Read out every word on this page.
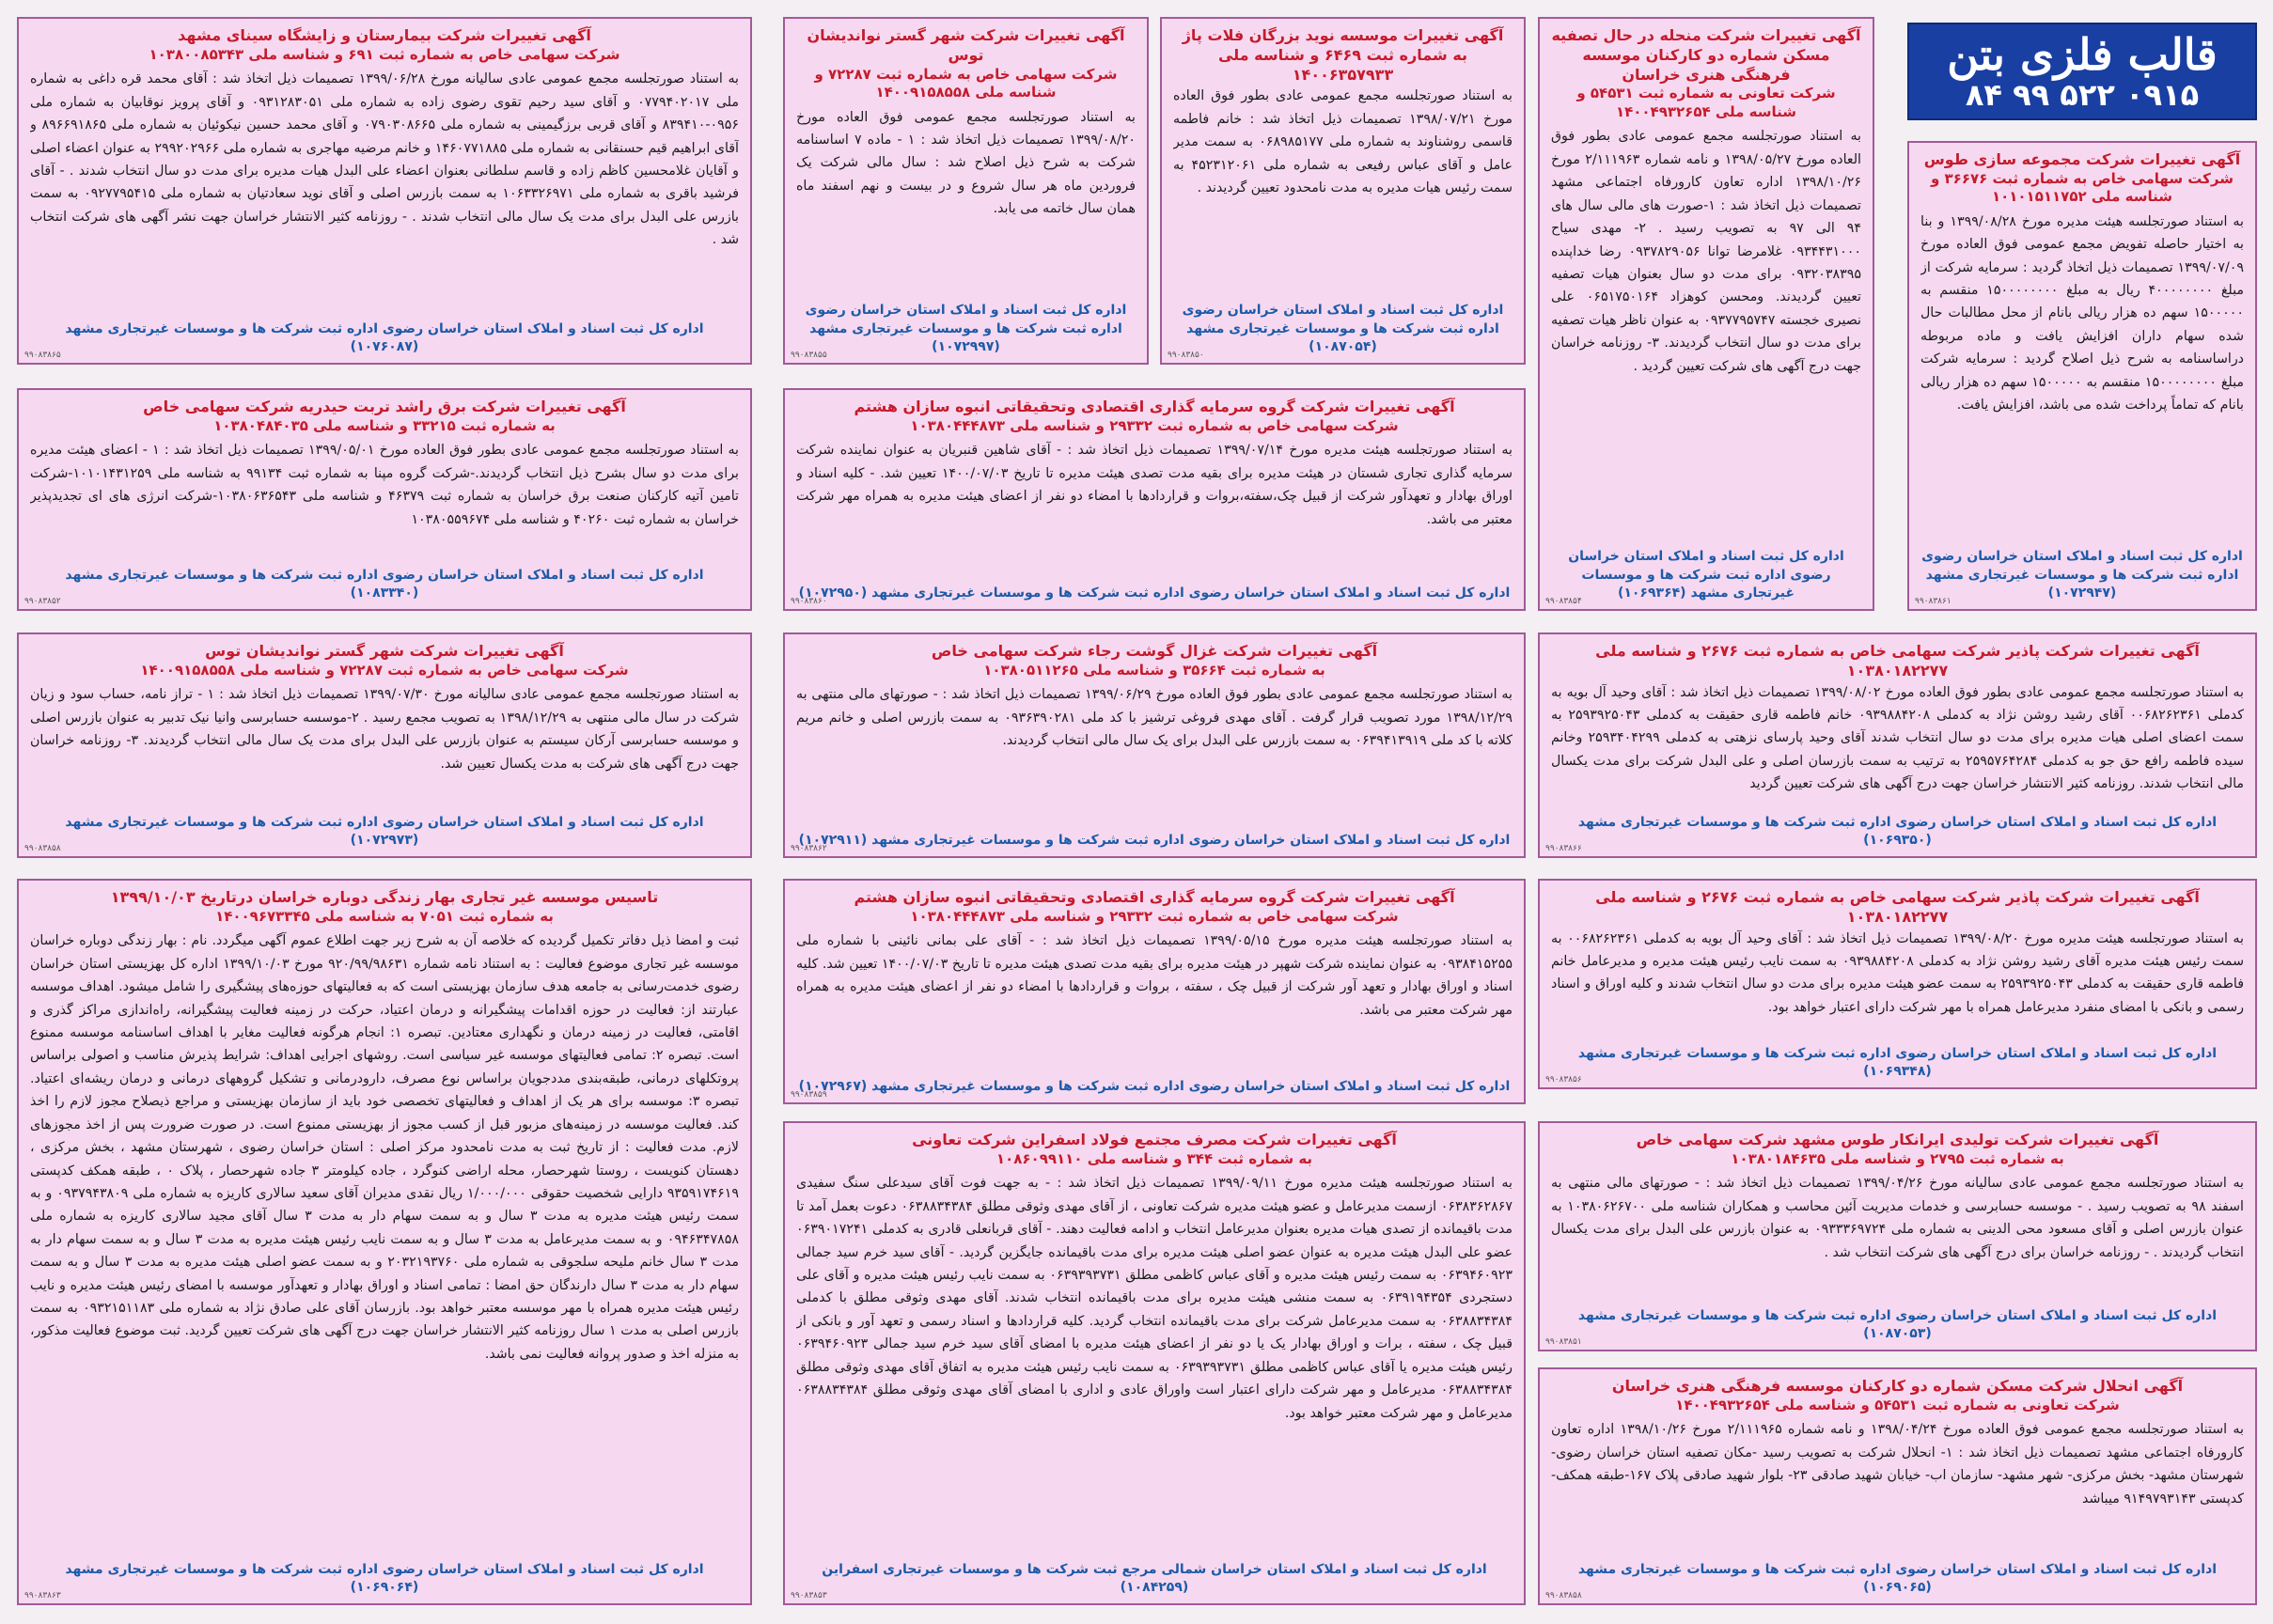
قالب فلزی بتن
۰۹۱۵ ۵۲۲ ۹۹ ۸۴
آگهی تغییرات شرکت بیمارستان و زایشگاه سینای مشهد
شرکت سهامی خاص به شماره ثبت ۶۹۱ و شناسه ملی ۱۰۳۸۰۰۸۵۳۴۳
به استناد صورتجلسه مجمع عمومی عادی سالیانه مورخ ۱۳۹۹/۰۶/۲۸ تصمیمات ذیل اتخاذ شد : آقای محمد قره داغی به شماره ملی ۰۷۷۹۴۰۲۰۱۷ و آقای سید رحیم تقوی رضوی زاده به شماره ملی ۰۹۳۱۲۸۳۰۵۱ و آقای پرویز نوقابیان به شماره ملی ۰۹۵۶-۸۳۹۴۱۰ و آقای قربی برزگیمینی به شماره ملی ۰۷۹۰۳۰۸۶۶۵ و آقای محمد حسین نیکوئیان به شماره ملی ۸۹۶۶۹۱۸۶۵ و آقای ابراهیم قیم حسنقانی به شماره ملی ۱۴۶۰۷۷۱۸۸۵ و خانم مرضیه مهاجری به شماره ملی ۲۹۹۲۰۲۹۶۶ به عنوان اعضاء اصلی و آقایان غلامحسین کاظم زاده و قاسم سلطانی بعنوان اعضاء علی البدل هیات مدیره برای مدت دو سال انتخاب شدند . - آقای فرشید باقری به شماره ملی ۱۰۶۳۳۲۶۹۷۱ به سمت بازرس اصلی و آقای نوید سعادتیان به شماره ملی ۰۹۲۷۷۹۵۴۱۵ به سمت بازرس علی البدل برای مدت یک سال مالی انتخاب شدند . - روزنامه کثیر الانتشار خراسان جهت نشر آگهی های شرکت انتخاب شد .
اداره کل ثبت اسناد و املاک استان خراسان رضوی اداره ثبت شرکت ها و موسسات غیرتجاری مشهد (۱۰۷۶۰۸۷)
۹۹۰۸۳۸۶۵
آگهی تغییرات شرکت شهر گستر نوانديشان توس
شرکت سهامی خاص به شماره ثبت ۷۲۲۸۷ و شناسه ملی ۱۴۰۰۹۱۵۸۵۵۸
به استناد صورتجلسه مجمع عمومی فوق العاده مورخ ۱۳۹۹/۰۸/۲۰ تصمیمات ذیل اتخاذ شد : ۱ - ماده ۷ اساسنامه شرکت به شرح ذیل اصلاح شد : سال مالی شرکت یک فروردین ماه هر سال شروع و در بیست و نهم اسفند ماه همان سال خاتمه می یابد.
اداره کل ثبت اسناد و املاک استان خراسان رضوی اداره ثبت شرکت ها و موسسات غیرتجاری مشهد (۱۰۷۲۹۹۷)
۹۹۰۸۳۸۵۵
آگهی تغییرات موسسه نوید بزرگان فلات پاژ به شماره ثبت ۶۴۶۹ و شناسه ملی ۱۴۰۰۶۳۵۷۹۳۳
به استناد صورتجلسه مجمع عمومی عادی بطور فوق العاده مورخ ۱۳۹۸/۰۷/۲۱ تصمیمات ذیل اتخاذ شد : خانم فاطمه قاسمی روشناوند به شماره ملی ۰۶۸۹۸۵۱۷۷ به سمت مدیر عامل و آقای عباس رفیعی به شماره ملی ۴۵۲۳۱۲۰۶۱ به سمت رئیس هیات مدیره به مدت نامحدود تعیین گردیدند .
اداره کل ثبت اسناد و املاک استان خراسان رضوی اداره ثبت شرکت ها و موسسات غیرتجاری مشهد (۱۰۸۷۰۵۴)
۹۹۰۸۳۸۵۰
آگهی تغییرات شرکت منحله در حال تصفیه مسکن شماره دو کارکنان موسسه فرهنگی هنری خراسان
شرکت تعاونی به شماره ثبت ۵۴۵۳۱ و شناسه ملی ۱۴۰۰۴۹۳۲۶۵۴
به استناد صورتجلسه مجمع عمومی عادی بطور فوق العاده مورخ ۱۳۹۸/۰۵/۲۷ و نامه شماره ۲/۱۱۱۹۶۳ مورخ ۱۳۹۸/۱۰/۲۶ اداره تعاون کارورفاه اجتماعی مشهد تصمیمات ذیل اتخاذ شد : ۱-صورت های مالی سال های ۹۴ الی ۹۷ به تصویب رسید . ۲- مهدی سیاح ۰۹۳۴۴۳۱۰۰۰ غلامرضا توانا ۰۹۳۷۸۲۹۰۵۶ رضا خداپنده ۰۹۳۲۰۳۸۳۹۵ برای مدت دو سال بعنوان هیات تصفیه تعیین گردیدند. ومحسن کوهزاد ۰۶۵۱۷۵۰۱۶۴ علی نصیری خجسته ۰۹۳۷۷۹۵۷۴۷ به عنوان ناظر هیات تصفیه برای مدت دو سال انتخاب گردیدند. ۳- روزنامه خراسان جهت درج آگهی های شرکت تعیین گردید .
اداره کل ثبت اسناد و املاک استان خراسان رضوی اداره ثبت شرکت ها و موسسات غیرتجاری مشهد (۱۰۶۹۳۶۴)
۹۹۰۸۳۸۵۴
آگهی تغییرات شرکت مجموعه سازی طوس
شرکت سهامی خاص به شماره ثبت ۳۶۶۷۶ و شناسه ملی ۱۰۱۰۱۵۱۱۷۵۲
به استناد صورتجلسه هیئت مدیره مورخ ۱۳۹۹/۰۸/۲۸ و بنا به اختیار حاصله تفویض مجمع عمومی فوق العاده مورخ ۱۳۹۹/۰۷/۰۹ تصمیمات ذیل اتخاذ گردید : سرمایه شرکت از مبلغ ۴۰۰۰۰۰۰۰۰ ریال به مبلغ ۱۵۰۰۰۰۰۰۰۰ منقسم به ۱۵۰۰۰۰۰ سهم ده هزار ریالی بانام از محل مطالبات حال شده سهام داران افزایش یافت و ماده مربوطه دراساسنامه به شرح ذیل اصلاح گردید : سرمایه شرکت مبلغ ۱۵۰۰۰۰۰۰۰۰ منقسم به ۱۵۰۰۰۰۰ سهم ده هزار ریالی بانام که تماماً پرداخت شده می باشد، افزایش یافت.
اداره کل ثبت اسناد و املاک استان خراسان رضوی اداره ثبت شرکت ها و موسسات غیرتجاری مشهد (۱۰۷۲۹۴۷)
۹۹۰۸۳۸۶۱
آگهی تغییرات شرکت برق راشد تربت حیدریه شرکت سهامی خاص
به شماره ثبت ۳۳۲۱۵ و شناسه ملی ۱۰۳۸۰۴۸۴۰۳۵
به استناد صورتجلسه مجمع عمومی عادی بطور فوق العاده مورخ ۱۳۹۹/۰۵/۰۱ تصمیمات ذیل اتخاذ شد : ۱ - اعضای هیئت مدیره برای مدت دو سال بشرح ذیل انتخاب گردیدند.-شرکت گروه مپنا به شماره ثبت ۹۹۱۳۴ به شناسه ملی ۱۰۱۰۱۴۳۱۲۵۹-شرکت تامین آتیه کارکنان صنعت برق خراسان به شماره ثبت ۴۶۳۷۹ و شناسه ملی ۱۰۳۸۰۶۳۶۵۴۳-شرکت انرژی های ای تجدیدپذیر خراسان به شماره ثبت ۴۰۲۶۰ و شناسه ملی ۱۰۳۸۰۵۵۹۶۷۴
اداره کل ثبت اسناد و املاک استان خراسان رضوی اداره ثبت شرکت ها و موسسات غیرتجاری مشهد (۱۰۸۳۳۴۰)
۹۹۰۸۳۸۵۲
آگهی تغییرات شرکت گروه سرمایه گذاری اقتصادی وتحقیقاتی انبوه سازان هشتم
شرکت سهامی خاص به شماره ثبت ۲۹۳۳۲ و شناسه ملی ۱۰۳۸۰۴۴۴۸۷۳
به استناد صورتجلسه هیئت مدیره مورخ ۱۳۹۹/۰۷/۱۴ تصمیمات ذیل اتخاذ شد : - آقای شاهین قنبریان به عنوان نماینده شرکت سرمایه گذاری تجاری شستان در هیئت مدیره برای بقیه مدت تصدی هیئت مدیره تا تاریخ ۱۴۰۰/۰۷/۰۳ تعیین شد. - کلیه اسناد و اوراق بهادار و تعهدآور شرکت از قبیل چک،سفته،بروات و قراردادها با امضاء دو نفر از اعضای هیئت مدیره به همراه مهر شرکت معتبر می باشد.
اداره کل ثبت اسناد و املاک استان خراسان رضوی اداره ثبت شرکت ها و موسسات غیرتجاری مشهد (۱۰۷۲۹۵۰)
۹۹۰۸۳۸۶۰
آگهی تغییرات شرکت شهر گستر نوانديشان توس
شرکت سهامی خاص به شماره ثبت ۷۲۲۸۷ و شناسه ملی ۱۴۰۰۹۱۵۸۵۵۸
به استناد صورتجلسه مجمع عمومی عادی سالیانه مورخ ۱۳۹۹/۰۷/۳۰ تصمیمات ذیل اتخاذ شد : ۱ - تراز نامه، حساب سود و زیان شرکت در سال مالی منتهی به ۱۳۹۸/۱۲/۲۹ به تصویب مجمع رسید . ۲-موسسه حسابرسی وانیا نیک تدبیر به عنوان بازرس اصلی و موسسه حسابرسی آرکان سیستم به عنوان بازرس علی البدل برای مدت یک سال مالی انتخاب گردیدند. ۳- روزنامه خراسان جهت درج آگهی های شرکت به مدت یکسال تعیین شد.
اداره کل ثبت اسناد و املاک استان خراسان رضوی اداره ثبت شرکت ها و موسسات غیرتجاری مشهد (۱۰۷۲۹۷۳)
۹۹۰۸۳۸۵۸
آگهی تغییرات شرکت غزال گوشت رجاء شرکت سهامی خاص
به شماره ثبت ۳۵۶۶۴ و شناسه ملی ۱۰۳۸۰۵۱۱۲۶۵
به استناد صورتجلسه مجمع عمومی عادی بطور فوق العاده مورخ ۱۳۹۹/۰۶/۲۹ تصمیمات ذیل اتخاذ شد : - صورتهای مالی منتهی به ۱۳۹۸/۱۲/۲۹ مورد تصویب قرار گرفت . آقای مهدی فروغی ترشیز با کد ملی ۰۹۳۶۳۹۰۲۸۱ به سمت بازرس اصلی و خانم مریم کلاته با کد ملی ۰۶۳۹۴۱۳۹۱۹ به سمت بازرس علی البدل برای یک سال مالی انتخاب گردیدند.
اداره کل ثبت اسناد و املاک استان خراسان رضوی اداره ثبت شرکت ها و موسسات غیرتجاری مشهد (۱۰۷۲۹۱۱)
۹۹۰۸۳۸۶۲
آگهی تغییرات شرکت پاذیر شرکت سهامی خاص به شماره ثبت ۲۶۷۶ و شناسه ملی ۱۰۳۸۰۱۸۲۲۷۷
به استناد صورتجلسه مجمع عمومی عادی بطور فوق العاده مورخ ۱۳۹۹/۰۸/۰۲ تصمیمات ذیل اتخاذ شد : آقای وحید آل بویه به کدملی ۰۰۶۸۲۶۲۳۶۱ آقای رشید روشن نژاد به کدملی ۰۹۳۹۸۸۴۲۰۸ خانم فاطمه قاری حقیقت به کدملی ۲۵۹۳۹۲۵۰۴۳ به سمت اعضای اصلی هیات مدیره برای مدت دو سال انتخاب شدند آقای وحید پارسای نزهتی به کدملی ۲۵۹۳۴۰۴۲۹۹ وخانم سیده فاطمه رافع حق جو به کدملی ۲۵۹۵۷۶۴۲۸۴ به ترتیب به سمت بازرسان اصلی و علی البدل شرکت برای مدت یکسال مالی انتخاب شدند. روزنامه کثیر الانتشار خراسان جهت درج آگهی های شرکت تعیین گردید
اداره کل ثبت اسناد و املاک استان خراسان رضوی اداره ثبت شرکت ها و موسسات غیرتجاری مشهد (۱۰۶۹۳۵۰)
۹۹۰۸۳۸۶۶
تاسیس موسسه غیر تجاری بهار زندگی دوباره خراسان درتاریخ ۱۳۹۹/۱۰/۰۳
به شماره ثبت ۷۰۵۱ به شناسه ملی ۱۴۰۰۹۶۷۳۳۴۵
ثبت و امضا ذیل دفاتر تکمیل گردیده که خلاصه آن به شرح زیر جهت اطلاع عموم آگهی میگردد. نام : بهار زندگی دوباره خراسان موسسه غیر تجاری موضوع فعالیت : به استناد نامه شماره ۹۲۰/۹۹/۹۸۶۳۱ مورخ ۱۳۹۹/۱۰/۰۳ اداره کل بهزیستی استان خراسان رضوی خدمت‌رسانی به جامعه هدف سازمان بهزیستی است که به فعالیتهای حوزه‌های پیشگیری را شامل میشود. اهداف موسسه عبارتند از: فعالیت در حوزه اقدامات پیشگیرانه و درمان اعتیاد، حرکت در زمینه فعالیت پیشگیرانه، راه‌اندازی مراکز گذری و اقامتی، فعالیت در زمینه درمان و نگهداری معتادین. تبصره ۱: انجام هرگونه فعالیت مغایر با اهداف اساسنامه موسسه ممنوع است. تبصره ۲: تمامی فعالیتهای موسسه غیر سیاسی است. روشهای اجرایی اهداف: شرایط پذیرش مناسب و اصولی براساس پروتکلهای درمانی، طبقه‌بندی مددجویان براساس نوع مصرف، دارودرمانی و تشکیل گروههای درمانی و درمان ریشه‌ای اعتیاد. تبصره ۳: موسسه برای هر یک از اهداف و فعالیتهای تخصصی خود باید از سازمان بهزیستی و مراجع ذیصلاح مجوز لازم را اخذ کند. فعالیت موسسه در زمینه‌های مزبور قبل از کسب مجوز از بهزیستی ممنوع است. در صورت ضرورت پس از اخذ مجوزهای لازم. مدت فعالیت : از تاریخ ثبت به مدت نامحدود مرکز اصلی : استان خراسان رضوی ، شهرستان مشهد ، بخش مرکزی ، دهستان کنویست ، روستا شهرحصار، محله اراضی کنوگرد ، جاده کیلومتر ۳ جاده شهرحصار ، پلاک ۰ ، طبقه همکف کدپستی ۹۳۵۹۱۷۴۶۱۹ دارایی شخصیت حقوقی ۱/۰۰۰/۰۰۰ ریال نقدی مدیران آقای سعید سالاری کاریزه به شماره ملی ۰۹۳۷۹۴۳۸۰۹ و به سمت رئیس هیئت مدیره به مدت ۳ سال و به سمت سهام دار به مدت ۳ سال آقای مجید سالاری کاریزه به شماره ملی ۰۹۴۶۳۴۷۸۵۸ و به سمت مدیرعامل به مدت ۳ سال و به سمت نایب رئیس هیئت مدیره به مدت ۳ سال و به سمت سهام دار به مدت ۳ سال خانم ملیحه سلجوقی به شماره ملی ۲۰۳۲۱۹۳۷۶۰ و به سمت عضو اصلی هیئت مدیره به مدت ۳ سال و به سمت سهام دار به مدت ۳ سال دارندگان حق امضا : تمامی اسناد و اوراق بهادار و تعهدآور موسسه با امضای رئیس هیئت مدیره و نایب رئیس هیئت مدیره همراه با مهر موسسه معتبر خواهد بود. بازرسان آقای علی صادق نژاد به شماره ملی ۰۹۳۲۱۵۱۱۸۳ به سمت بازرس اصلی به مدت ۱ سال روزنامه کثیر الانتشار خراسان جهت درج آگهی های شرکت تعیین گردید. ثبت موضوع فعالیت مذکور، به منزله اخذ و صدور پروانه فعالیت نمی باشد.
اداره کل ثبت اسناد و املاک استان خراسان رضوی اداره ثبت شرکت ها و موسسات غیرتجاری مشهد (۱۰۶۹۰۶۴)
۹۹۰۸۳۸۶۳
آگهی تغییرات شرکت گروه سرمایه گذاری اقتصادی وتحقیقاتی انبوه سازان هشتم
شرکت سهامی خاص به شماره ثبت ۲۹۳۳۲ و شناسه ملی ۱۰۳۸۰۴۴۴۸۷۳
به استناد صورتجلسه هیئت مدیره مورخ ۱۳۹۹/۰۵/۱۵ تصمیمات ذیل اتخاذ شد : - آقای علی بمانی نائینی با شماره ملی ۰۹۳۸۴۱۵۲۵۵ به عنوان نماینده شرکت شهپر در هیئت مدیره برای بقیه مدت تصدی هیئت مدیره تا تاریخ ۱۴۰۰/۰۷/۰۳ تعیین شد. کلیه اسناد و اوراق بهادار و تعهد آور شرکت از قبیل چک ، سفته ، بروات و قراردادها با امضاء دو نفر از اعضای هیئت مدیره به همراه مهر شرکت معتبر می باشد.
اداره کل ثبت اسناد و املاک استان خراسان رضوی اداره ثبت شرکت ها و موسسات غیرتجاری مشهد (۱۰۷۲۹۶۷)
۹۹۰۸۳۸۵۹
آگهی تغییرات شرکت پاذیر شرکت سهامی خاص به شماره ثبت ۲۶۷۶ و شناسه ملی ۱۰۳۸۰۱۸۲۲۷۷
به استناد صورتجلسه هیئت مدیره مورخ ۱۳۹۹/۰۸/۲۰ تصمیمات ذیل اتخاذ شد : آقای وحید آل بویه به کدملی ۰۰۶۸۲۶۲۳۶۱ به سمت رئیس هیئت مدیره آقای رشید روشن نژاد به کدملی ۰۹۳۹۸۸۴۲۰۸ به سمت نایب رئیس هیئت مدیره و مدیرعامل خانم فاطمه قاری حقیقت به کدملی ۲۵۹۳۹۲۵۰۴۳ به سمت عضو هیئت مدیره برای مدت دو سال انتخاب شدند و کلیه اوراق و اسناد رسمی و بانکی با امضای منفرد مدیرعامل همراه با مهر شرکت دارای اعتبار خواهد بود.
اداره کل ثبت اسناد و املاک استان خراسان رضوی اداره ثبت شرکت ها و موسسات غیرتجاری مشهد (۱۰۶۹۳۴۸)
۹۹۰۸۳۸۵۶
آگهی تغییرات شرکت مصرف مجتمع فولاد اسفراین شرکت تعاونی
به شماره ثبت ۳۴۴ و شناسه ملی ۱۰۸۶۰۹۹۱۱۰
به استناد صورتجلسه هیئت مدیره مورخ ۱۳۹۹/۰۹/۱۱ تصمیمات ذیل اتخاذ شد : - به جهت فوت آقای سیدعلی سنگ سفیدی ۰۶۳۸۳۶۲۸۶۷ ازسمت مدیرعامل و عضو هیئت مدیره شرکت تعاونی ، از آقای مهدی وثوقی مطلق ۰۶۳۸۸۳۴۳۸۴ دعوت بعمل آمد تا مدت باقیمانده از تصدی هیات مدیره بعنوان مدیرعامل انتخاب و ادامه فعالیت دهند. - آقای قربانعلی قادری به کدملی ۰۶۳۹۰۱۷۲۴۱ عضو علی البدل هیئت مدیره به عنوان عضو اصلی هیئت مدیره برای مدت باقیمانده جایگزین گردید. - آقای سید خرم سید جمالی ۰۶۳۹۴۶۰۹۲۳ به سمت رئیس هیئت مدیره و آقای عباس کاظمی مطلق ۰۶۳۹۳۹۳۷۳۱ به سمت نایب رئیس هیئت مدیره و آقای علی دستجردی ۰۶۳۹۱۹۴۳۵۴ به سمت منشی هیئت مدیره برای مدت باقیمانده انتخاب شدند. آقای مهدی وثوقی مطلق با کدملی ۰۶۳۸۸۳۴۳۸۴ به سمت مدیرعامل شرکت برای مدت باقیمانده انتخاب گردید. کلیه قراردادها و اسناد رسمی و تعهد آور و بانکی از قبیل چک ، سفته ، برات و اوراق بهادار یک یا دو نفر از اعضای هیئت مدیره با امضای آقای سید خرم سید جمالی ۰۶۳۹۴۶۰۹۲۳ رئیس هیئت مدیره یا آقای عباس کاظمی مطلق ۰۶۳۹۳۹۳۷۳۱ به سمت نایب رئیس هیئت مدیره به اتفاق آقای مهدی وثوقی مطلق ۰۶۳۸۸۳۴۳۸۴ مدیرعامل و مهر شرکت دارای اعتبار است واوراق عادی و اداری با امضای آقای مهدی وثوقی مطلق ۰۶۳۸۸۳۴۳۸۴ مدیرعامل و مهر شرکت معتبر خواهد بود.
اداره کل ثبت اسناد و املاک استان خراسان شمالی مرجع ثبت شرکت ها و موسسات غیرتجاری اسفراین (۱۰۸۴۲۵۹)
۹۹۰۸۳۸۵۳
آگهی تغییرات شرکت تولیدی ایرانکار طوس مشهد شرکت سهامی خاص
به شماره ثبت ۲۷۹۵ و شناسه ملی ۱۰۳۸۰۱۸۴۶۳۵
به استناد صورتجلسه مجمع عمومی عادی سالیانه مورخ ۱۳۹۹/۰۴/۲۶ تصمیمات ذیل اتخاذ شد : - صورتهای مالی منتهی به اسفند ۹۸ به تصویب رسید . - موسسه حسابرسی و خدمات مدیریت آئین محاسب و همکاران شناسه ملی ۱۰۳۸۰۶۲۶۷۰۰ به عنوان بازرس اصلی و آقای مسعود محی الدینی به شماره ملی ۰۹۳۳۳۶۹۷۲۴ به عنوان بازرس علی البدل برای مدت یکسال انتخاب گردیدند . - روزنامه خراسان برای درج آگهی های شرکت انتخاب شد .
اداره کل ثبت اسناد و املاک استان خراسان رضوی اداره ثبت شرکت ها و موسسات غیرتجاری مشهد (۱۰۸۷۰۵۳)
۹۹۰۸۳۸۵۱
آگهی انحلال شرکت مسکن شماره دو کارکنان موسسه فرهنگی هنری خراسان
شرکت تعاونی به شماره ثبت ۵۴۵۳۱ و شناسه ملی ۱۴۰۰۴۹۳۲۶۵۴
به استناد صورتجلسه مجمع عمومی فوق العاده مورخ ۱۳۹۸/۰۴/۲۴ و نامه شماره ۲/۱۱۱۹۶۵ مورخ ۱۳۹۸/۱۰/۲۶ اداره تعاون کارورفاه اجتماعی مشهد تصمیمات ذیل اتخاذ شد : ۱- انحلال شرکت به تصویب رسید -مکان تصفیه استان خراسان رضوی- شهرستان مشهد- بخش مرکزی- شهر مشهد- سازمان اب- خیابان شهید صادقی ۲۳- بلوار شهید صادقی پلاک ۱۶۷-طبقه همکف- کدپستی ۹۱۴۹۷۹۳۱۴۳ میباشد
اداره کل ثبت اسناد و املاک استان خراسان رضوی اداره ثبت شرکت ها و موسسات غیرتجاری مشهد (۱۰۶۹۰۶۵)
۹۹۰۸۳۸۵۸
